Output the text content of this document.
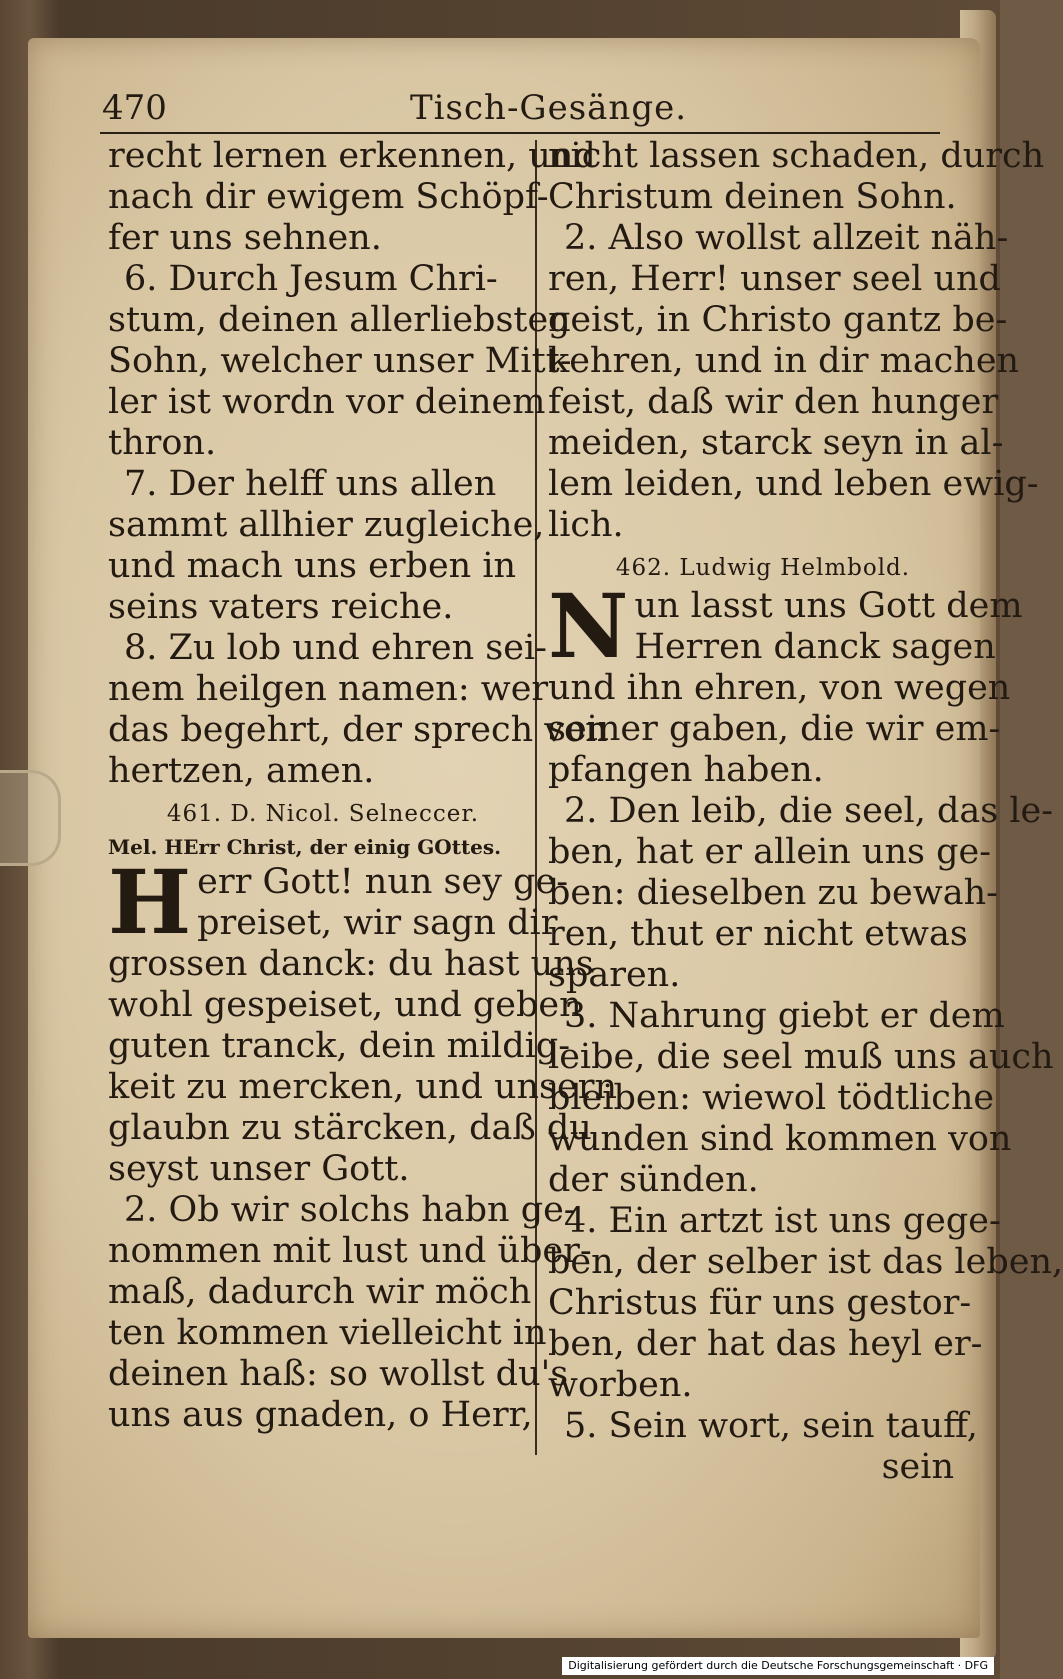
470	Tisch-Gesänge.
recht lernen erkennen, und
nach dir ewigem Schöpf-
fer uns sehnen.
6. Durch Jesum Chri-
stum, deinen allerliebsten
Sohn, welcher unser Mitt-
ler ist wordn vor deinem
thron.
7. Der helff uns allen
sammt allhier zugleiche,
und mach uns erben in
seins vaters reiche.
8. Zu lob und ehren sei-
nem heilgen namen: wer
das begehrt, der sprech von
hertzen, amen.
461. D. Nicol. Selneccer.
Mel. HErr Christ, der einig GOttes.
H err Gott! nun sey ge-
preiset, wir sagn dir
grossen danck: du hast uns
wohl gespeiset, und geben
guten tranck, dein mildig-
keit zu mercken, und unsern
glaubn zu stärcken, daß du
seyst unser Gott.
2. Ob wir solchs habn ge-
nommen mit lust und über-
maß, dadurch wir möch
ten kommen vielleicht in
deinen haß: so wollst du's
uns aus gnaden, o Herr,
nicht lassen schaden, durch
Christum deinen Sohn.
2. Also wollst allzeit näh-
ren, Herr! unser seel und
geist, in Christo gantz be-
kehren, und in dir machen
feist, daß wir den hunger
meiden, starck seyn in al-
lem leiden, und leben ewig-
lich.
462. Ludwig Helmbold.
N un lasst uns Gott dem
Herren danck sagen
und ihn ehren, von wegen
seiner gaben, die wir em-
pfangen haben.
2. Den leib, die seel, das le-
ben, hat er allein uns ge-
ben: dieselben zu bewah-
ren, thut er nicht etwas
sparen.
3. Nahrung giebt er dem
leibe, die seel muß uns auch
bleiben: wiewol tödtliche
wunden sind kommen von
der sünden.
4. Ein artzt ist uns gege-
ben, der selber ist das leben,
Christus für uns gestor-
ben, der hat das heyl er-
worben.
5. Sein wort, sein tauff,
sein
Digitalisierung gefördert durch die Deutsche Forschungsgemeinschaft · DFG
